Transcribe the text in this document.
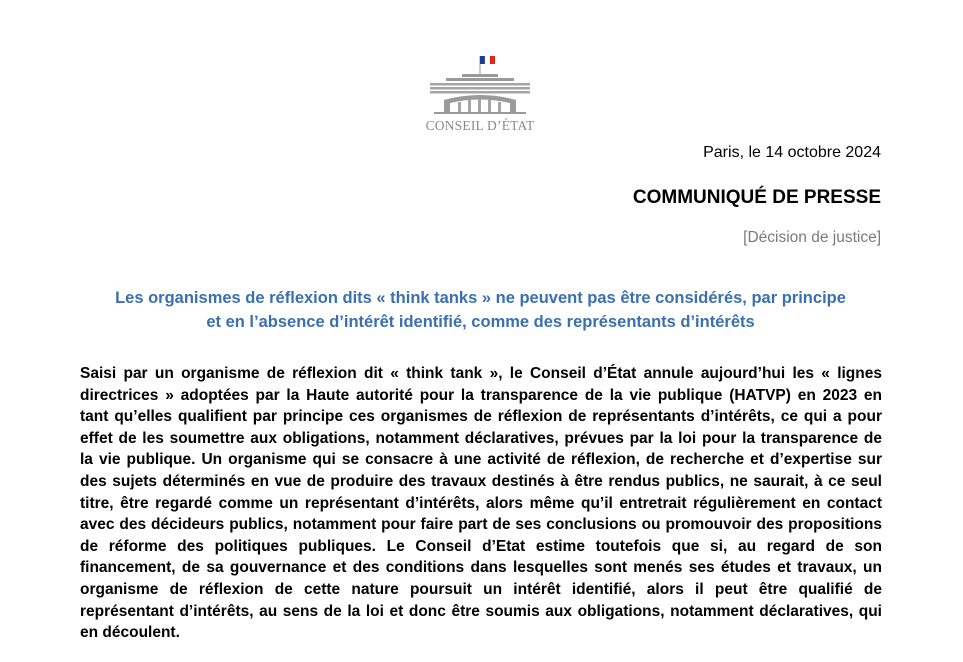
CONSEIL D’ÉTAT
Paris, le 14 octobre 2024
COMMUNIQUÉ DE PRESSE
[Décision de justice]
Les organismes de réflexion dits « think tanks » ne peuvent pas être considérés, par principe
et en l’absence d’intérêt identifié, comme des représentants d’intérêts
Saisi par un organisme de réflexion dit « think tank », le Conseil d’État annule aujourd’hui les « lignes
directrices » adoptées par la Haute autorité pour la transparence de la vie publique (HATVP) en 2023 en
tant qu’elles qualifient par principe ces organismes de réflexion de représentants d’intérêts, ce qui a pour
effet de les soumettre aux obligations, notamment déclaratives, prévues par la loi pour la transparence de
la vie publique. Un organisme qui se consacre à une activité de réflexion, de recherche et d’expertise sur
des sujets déterminés en vue de produire des travaux destinés à être rendus publics, ne saurait, à ce seul
titre, être regardé comme un représentant d’intérêts, alors même qu’il entretrait régulièrement en contact
avec des décideurs publics, notamment pour faire part de ses conclusions ou promouvoir des propositions
de réforme des politiques publiques. Le Conseil d’Etat estime toutefois que si, au regard de son
financement, de sa gouvernance et des conditions dans lesquelles sont menés ses études et travaux, un
organisme de réflexion de cette nature poursuit un intérêt identifié, alors il peut être qualifié de
représentant d’intérêts, au sens de la loi et donc être soumis aux obligations, notamment déclaratives, qui
en découlent.
